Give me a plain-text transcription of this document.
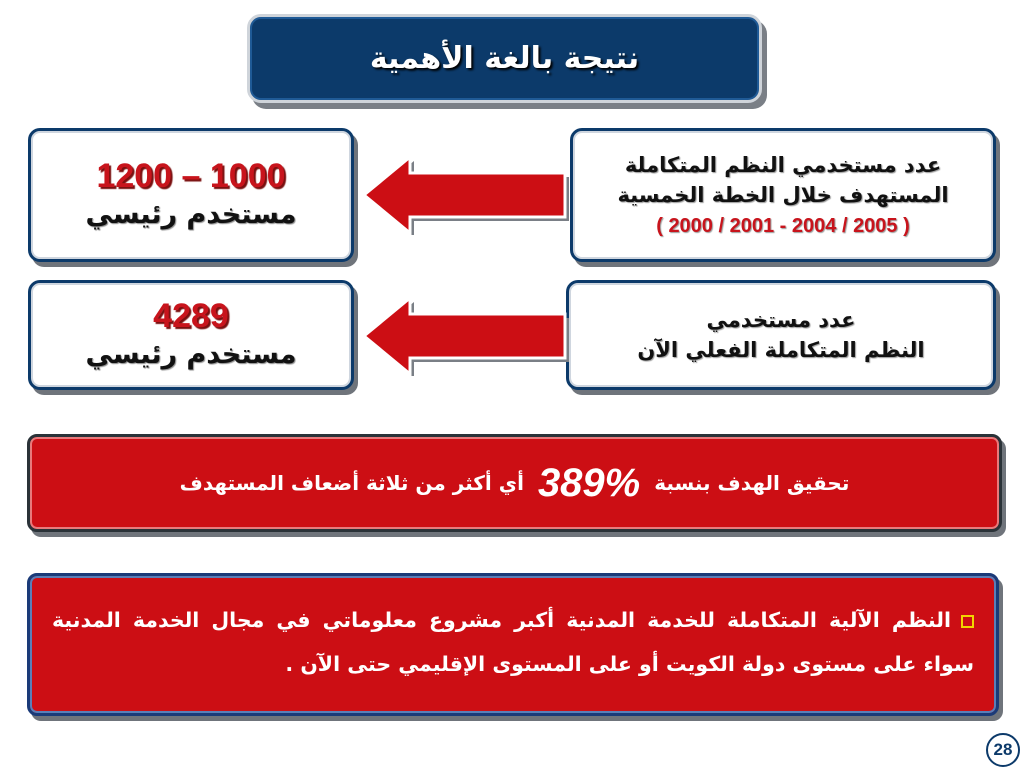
نتيجة بالغة الأهمية
عدد مستخدمي النظم المتكاملة
المستهدف خلال الخطة الخمسية
( 2005 / 2004 - 2001 / 2000 )
1200 – 1000
مستخدم رئيسي
عدد مستخدمي
النظم المتكاملة الفعلي الآن
4289
مستخدم رئيسي
تحقيق الهدف بنسبة
389%
أي أكثر من ثلاثة أضعاف المستهدف
النظم الآلية المتكاملة للخدمة المدنية أكبر مشروع معلوماتي في مجال الخدمة المدنية سواء على مستوى دولة الكويت أو على المستوى الإقليمي حتى الآن .
28
